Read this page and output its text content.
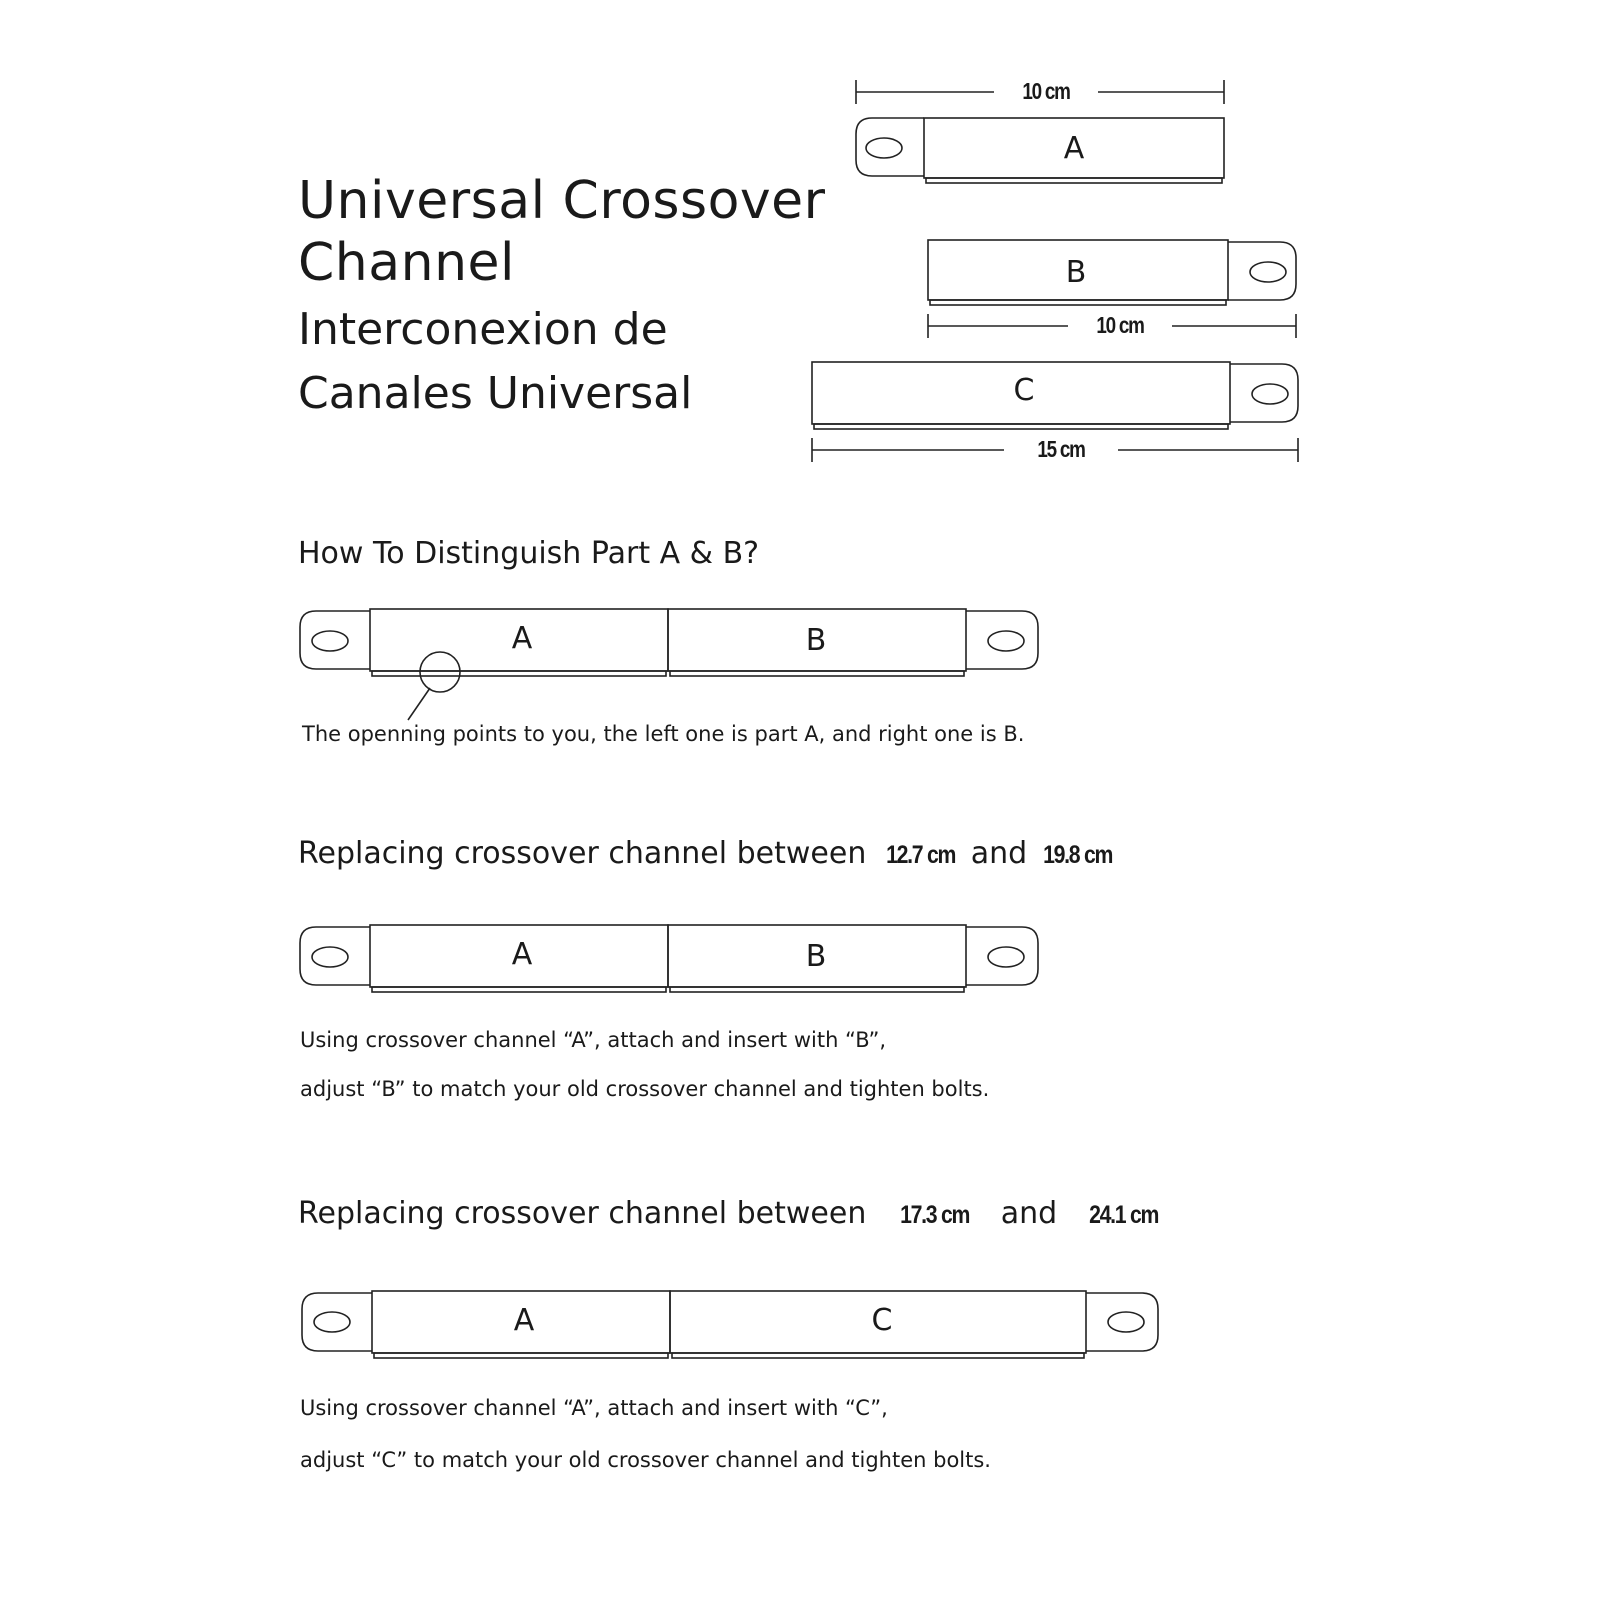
Universal Crossover
Channel
Interconexion de
Canales Universal
A
B
C
A	B
A	B
A	C
10 cm
10 cm
15 cm
How To Distinguish Part A & B?
The openning points to you, the left one is part A, and right one is B.
Replacing crossover channel between 12.7 cm and 19.8 cm
Using crossover channel “A”, attach and insert with “B”,
adjust “B” to match your old crossover channel and tighten bolts.
Replacing crossover channel between 17.3 cm and 24.1 cm
Using crossover channel “A”, attach and insert with “C”,
adjust “C” to match your old crossover channel and tighten bolts.
